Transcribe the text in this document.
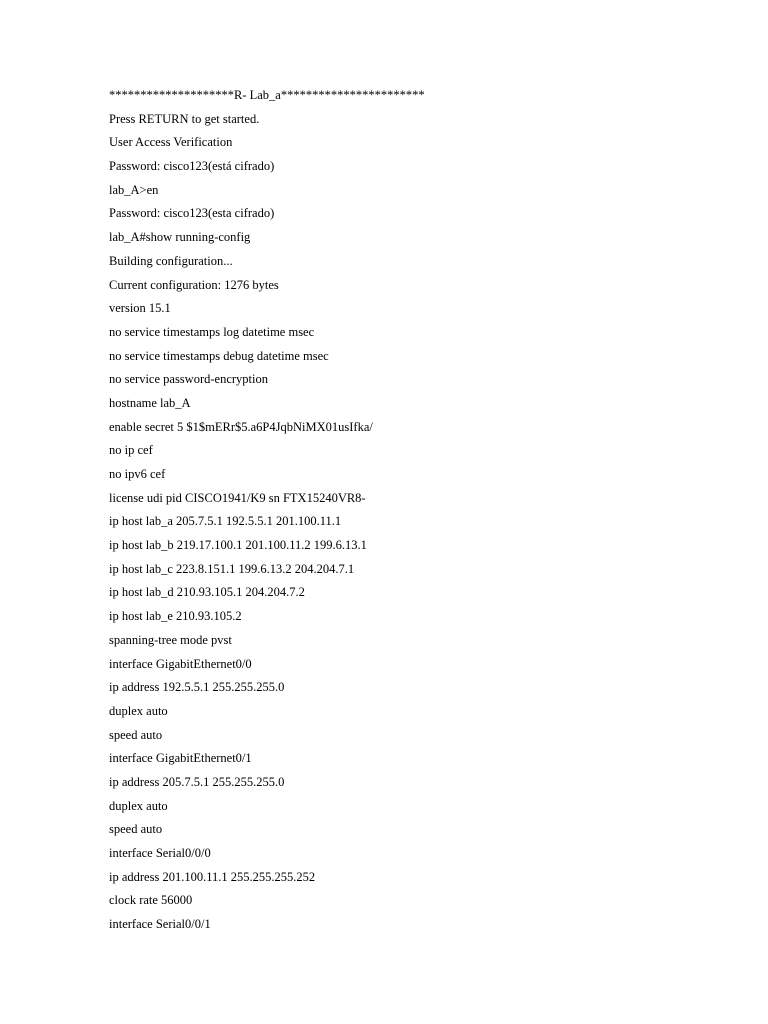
********************R- Lab_a***********************
Press RETURN to get started.
User Access Verification
Password: cisco123(está cifrado)
lab_A>en
Password: cisco123(esta cifrado)
lab_A#show running-config
Building configuration...
Current configuration: 1276 bytes
version 15.1
no service timestamps log datetime msec
no service timestamps debug datetime msec
no service password-encryption
hostname lab_A
enable secret 5 $1$mERr$5.a6P4JqbNiMX01usIfka/
no ip cef
no ipv6 cef
license udi pid CISCO1941/K9 sn FTX15240VR8-
ip host lab_a 205.7.5.1 192.5.5.1 201.100.11.1
ip host lab_b 219.17.100.1 201.100.11.2 199.6.13.1
ip host lab_c 223.8.151.1 199.6.13.2 204.204.7.1
ip host lab_d 210.93.105.1 204.204.7.2
ip host lab_e 210.93.105.2
spanning-tree mode pvst
interface GigabitEthernet0/0
ip address 192.5.5.1 255.255.255.0
duplex auto
speed auto
interface GigabitEthernet0/1
ip address 205.7.5.1 255.255.255.0
duplex auto
speed auto
interface Serial0/0/0
ip address 201.100.11.1 255.255.255.252
clock rate 56000
interface Serial0/0/1
